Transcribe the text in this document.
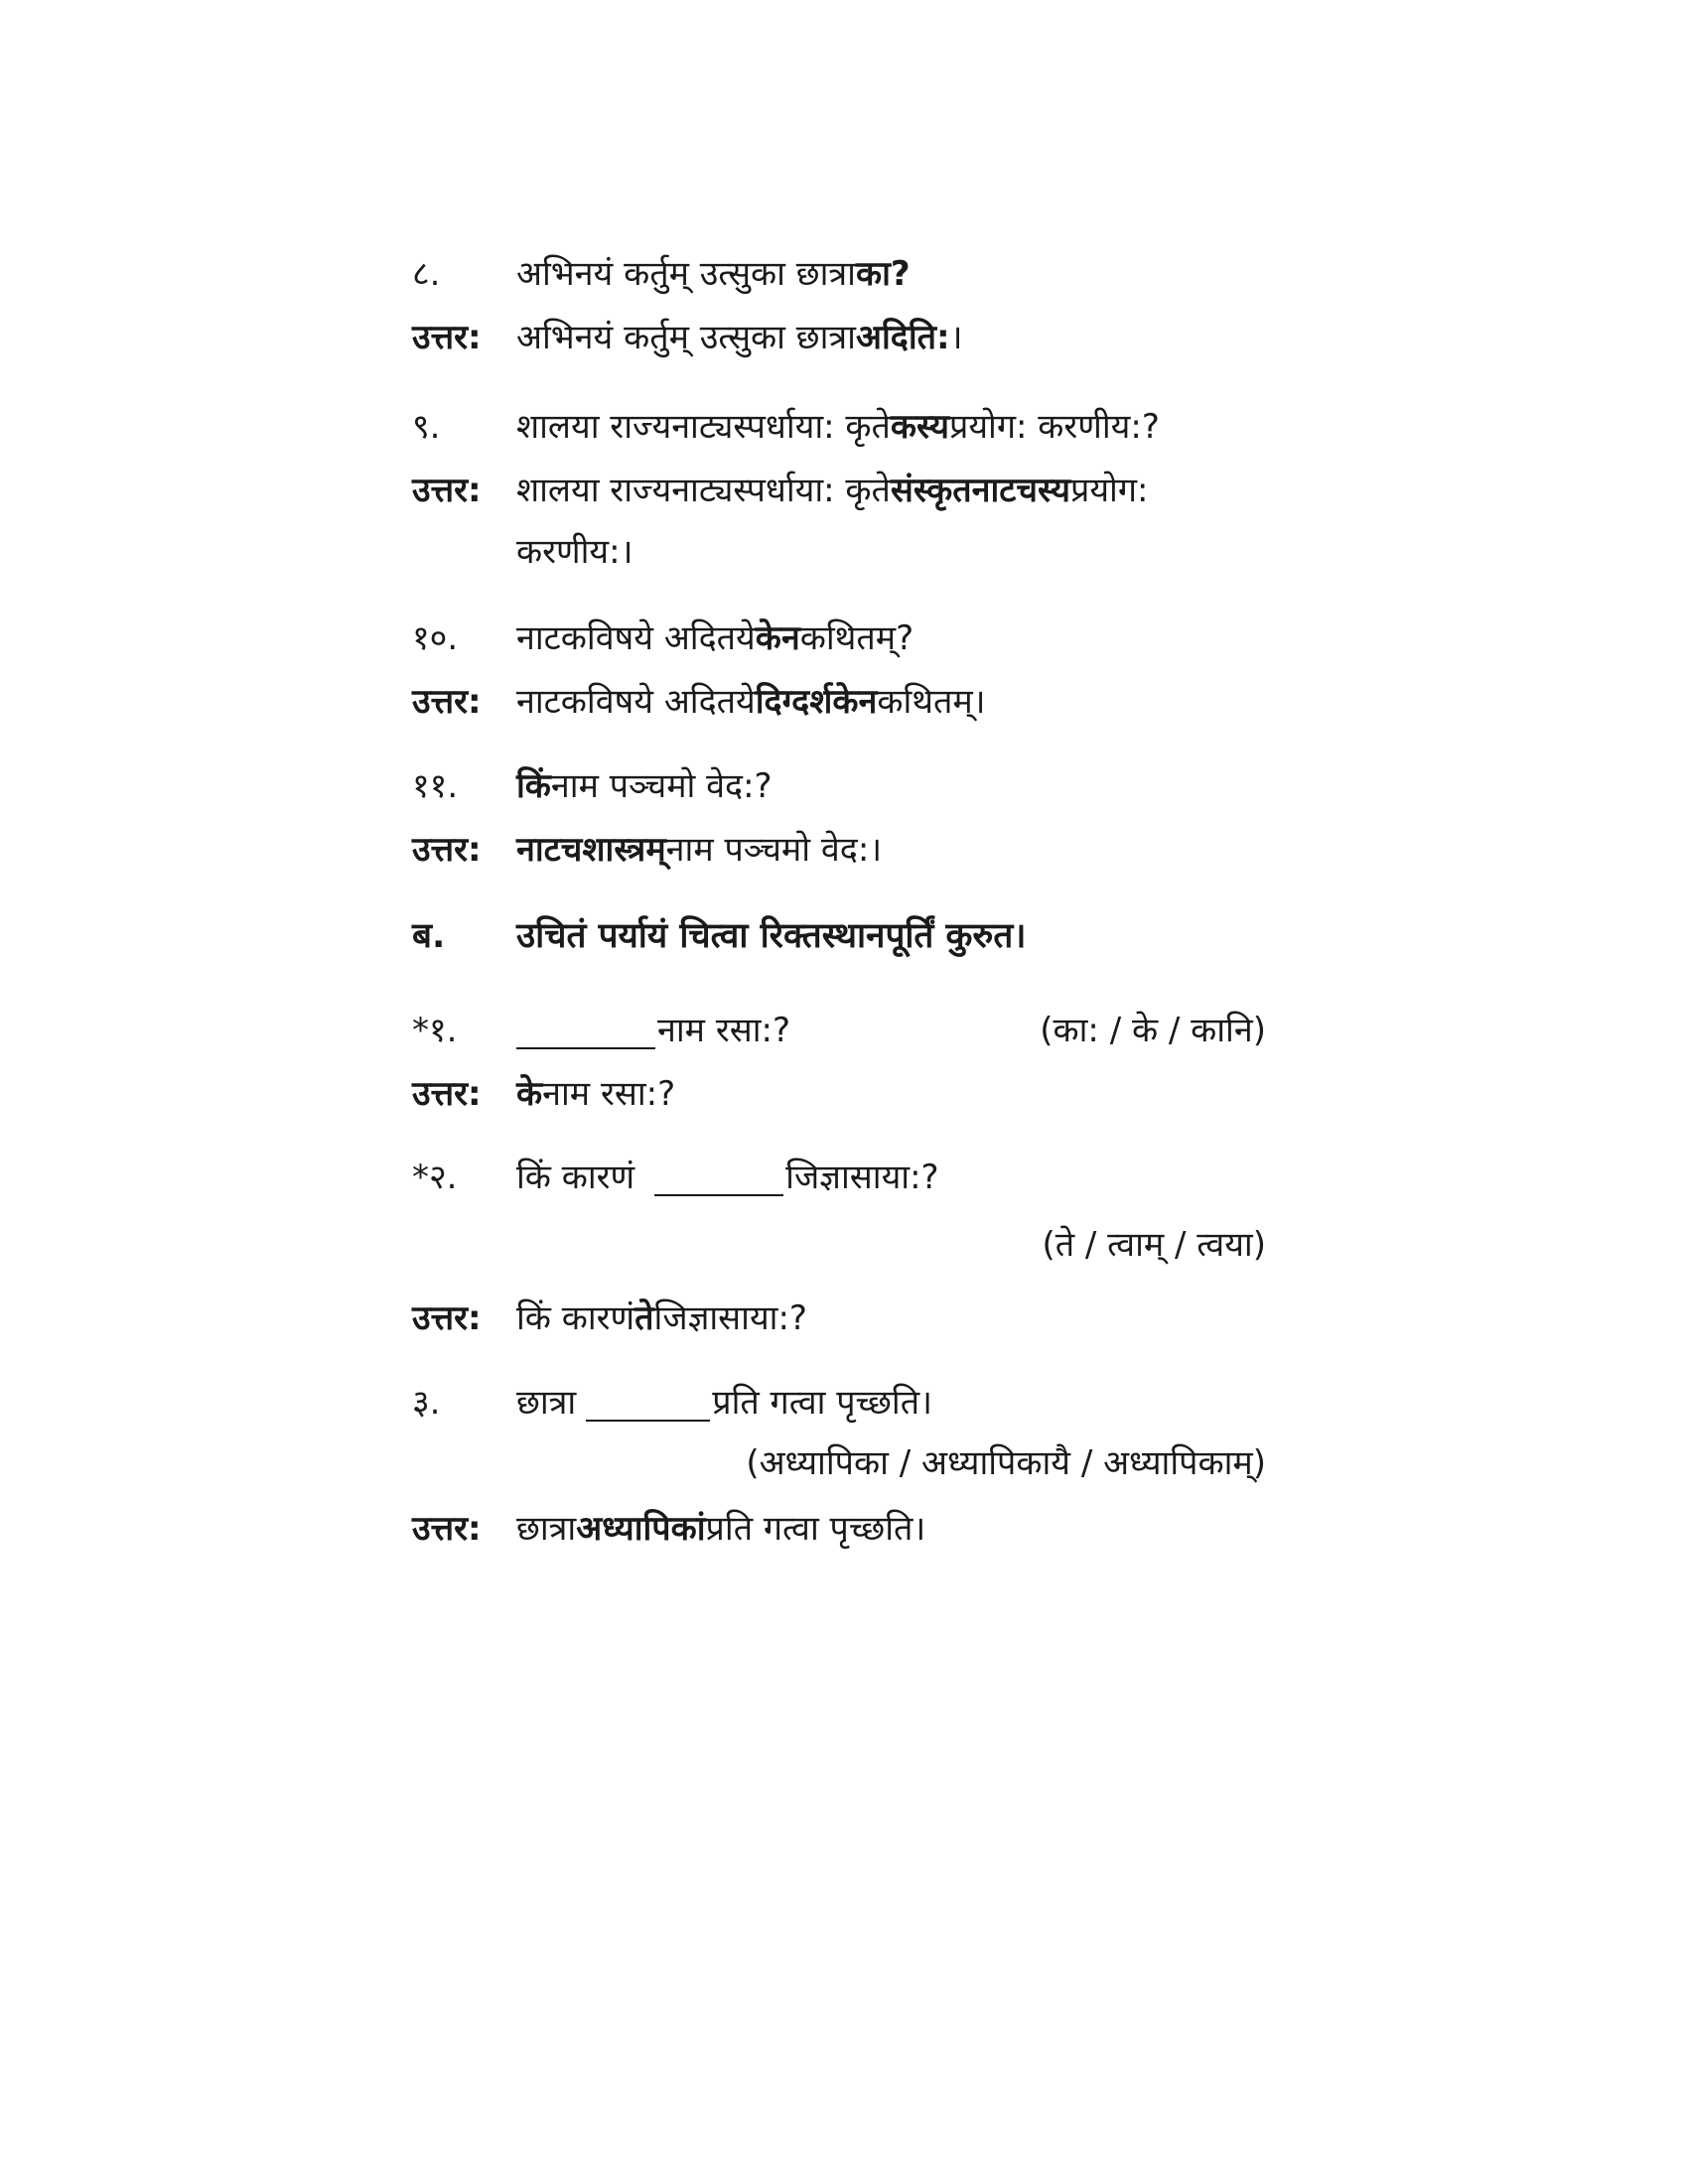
८.	अभिनयं कर्तुम् उत्सुका छात्रा का?
उत्तर:	अभिनयं कर्तुम् उत्सुका छात्रा अदिति: ।
९.	शालया राज्यनाट्यस्पर्धाया: कृते कस्य प्रयोग: करणीय:?
उत्तर:	शालया राज्यनाट्यस्पर्धाया: कृते संस्कृतनाटचस्य प्रयोग:
करणीय:।
१०.	नाटकविषये अदितये केन कथितम्?
उत्तर:	नाटकविषये अदितये दिग्दर्शकेन कथितम्।
११.	किं नाम पञ्चमो वेद:?
उत्तर:	नाटचशास्त्रम् नाम पञ्चमो वेद:।
ब.	उचितं पर्यायं चित्वा रिक्तस्थानपूर्तिं कुरुत।
*१.	नाम रसा:?	(का: / के / कानि)
उत्तर:	के नाम रसा:?
*२.	किं कारणं	जिज्ञासाया:?
(ते / त्वाम् / त्वया)
उत्तर:	किं कारणं ते जिज्ञासाया:?
३.	छात्रा	प्रति गत्वा पृच्छति।
(अध्यापिका / अध्यापिकायै / अध्यापिकाम्)
उत्तर:	छात्रा अध्यापिकां प्रति गत्वा पृच्छति।
